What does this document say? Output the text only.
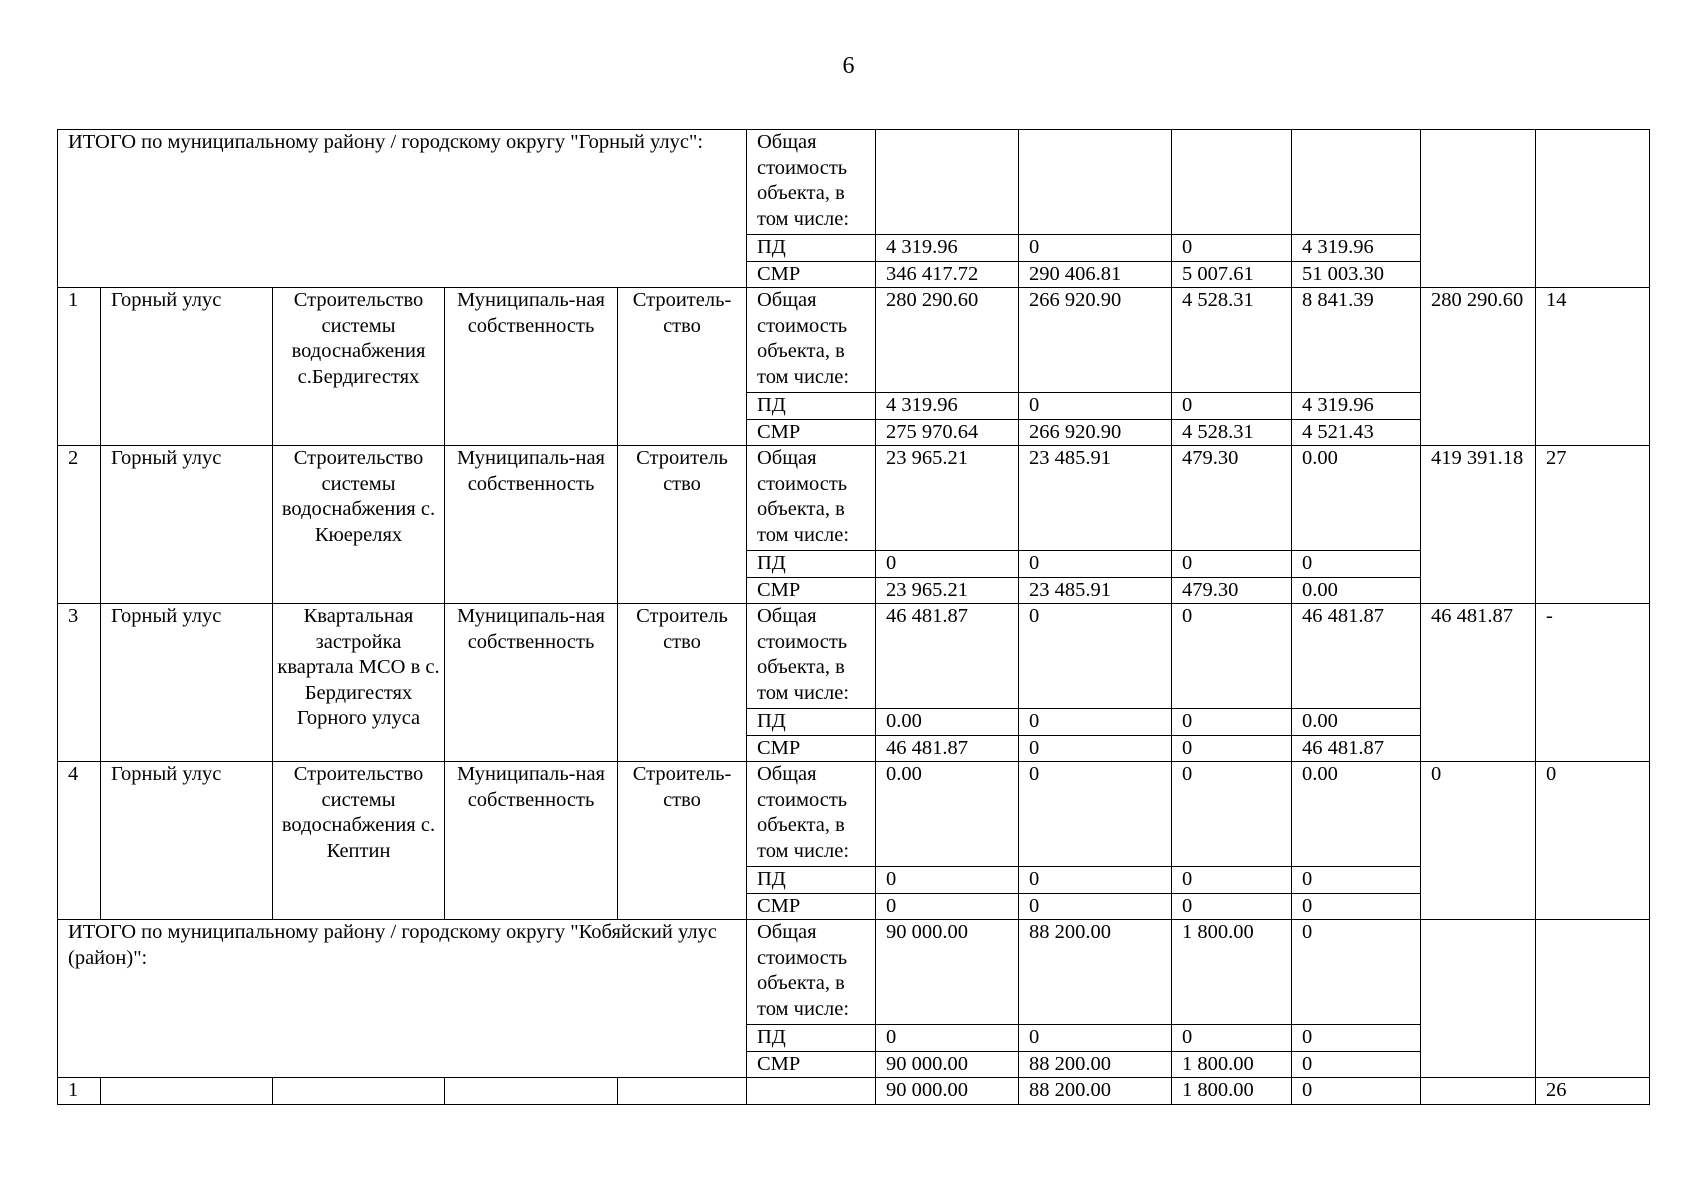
6
ИТОГО по муниципальному району / городскому округу "Горный улус":					Общая стоимость объекта, в том числе:						
					ПД	4 319.96	0	0	4 319.96		
					СМР	346 417.72	290 406.81	5 007.61	51 003.30		
1	Горный улус	Строительство системы водоснабжения с.Бердигестях	Муниципаль-ная собственность	Строитель-ство	Общая стоимость объекта, в том числе:	280 290.60	266 920.90	4 528.31	8 841.39	280 290.60	14
					ПД	4 319.96	0	0	4 319.96		
					СМР	275 970.64	266 920.90	4 528.31	4 521.43		
2	Горный улус	Строительство системы водоснабжения с. Кюерелях	Муниципаль-ная собственность	Строитель ство	Общая стоимость объекта, в том числе:	23 965.21	23 485.91	479.30	0.00	419 391.18	27
					ПД	0	0	0	0		
					СМР	23 965.21	23 485.91	479.30	0.00		
3	Горный улус	Квартальная застройка квартала МСО в с. Бердигестях Горного улуса	Муниципаль-ная собственность	Строитель ство	Общая стоимость объекта, в том числе:	46 481.87	0	0	46 481.87	46 481.87	-
					ПД	0.00	0	0	0.00		
					СМР	46 481.87	0	0	46 481.87		
4	Горный улус	Строительство системы водоснабжения с. Кептин	Муниципаль-ная собственность	Строитель-ство	Общая стоимость объекта, в том числе:	0.00	0	0	0.00	0	0
					ПД	0	0	0	0		
					СМР	0	0	0	0		
ИТОГО по муниципальному району / городскому округу "Кобяйский улус (район)":					Общая стоимость объекта, в том числе:	90 000.00	88 200.00	1 800.00	0		
					ПД	0	0	0	0		
					СМР	90 000.00	88 200.00	1 800.00	0		
1						90 000.00	88 200.00	1 800.00	0		26
